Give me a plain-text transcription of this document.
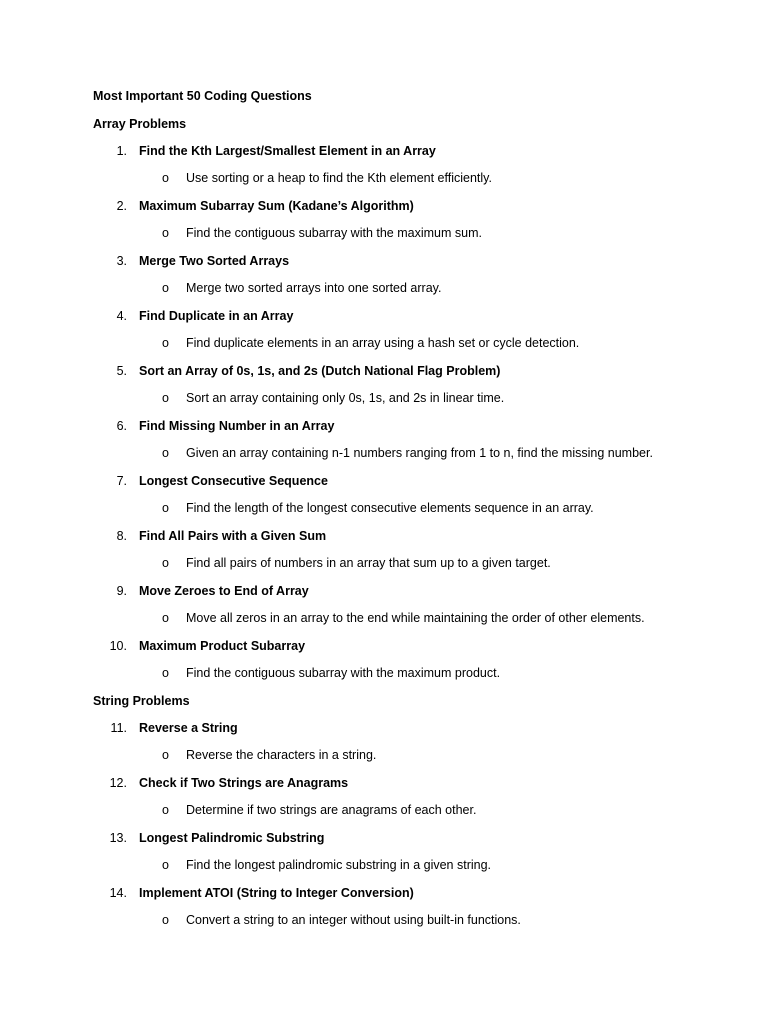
Most Important 50 Coding Questions
Array Problems
1. Find the Kth Largest/Smallest Element in an Array
o Use sorting or a heap to find the Kth element efficiently.
2. Maximum Subarray Sum (Kadane’s Algorithm)
o Find the contiguous subarray with the maximum sum.
3. Merge Two Sorted Arrays
o Merge two sorted arrays into one sorted array.
4. Find Duplicate in an Array
o Find duplicate elements in an array using a hash set or cycle detection.
5. Sort an Array of 0s, 1s, and 2s (Dutch National Flag Problem)
o Sort an array containing only 0s, 1s, and 2s in linear time.
6. Find Missing Number in an Array
o Given an array containing n-1 numbers ranging from 1 to n, find the missing number.
7. Longest Consecutive Sequence
o Find the length of the longest consecutive elements sequence in an array.
8. Find All Pairs with a Given Sum
o Find all pairs of numbers in an array that sum up to a given target.
9. Move Zeroes to End of Array
o Move all zeros in an array to the end while maintaining the order of other elements.
10. Maximum Product Subarray
o Find the contiguous subarray with the maximum product.
String Problems
11. Reverse a String
o Reverse the characters in a string.
12. Check if Two Strings are Anagrams
o Determine if two strings are anagrams of each other.
13. Longest Palindromic Substring
o Find the longest palindromic substring in a given string.
14. Implement ATOI (String to Integer Conversion)
o Convert a string to an integer without using built-in functions.
